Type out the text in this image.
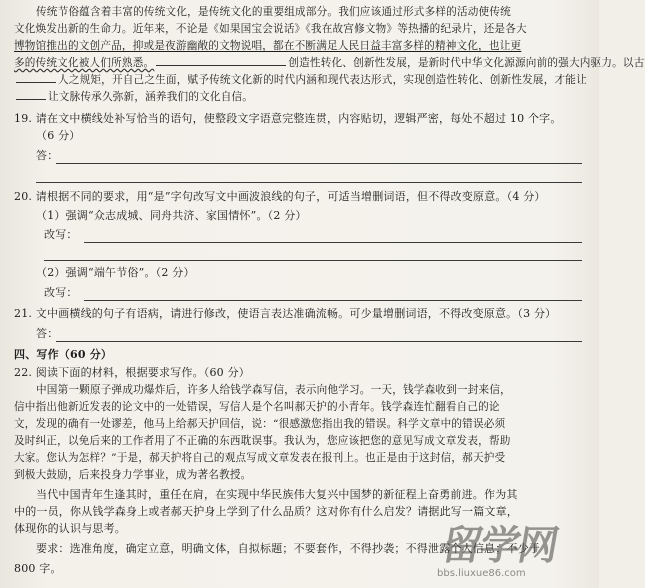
传统节俗蕴含着丰富的传统文化，是传统文化的重要组成部分。我们应该通过形式多样的活动使传统
文化焕发出新的生命力。近年来，不论是《如果国宝会说话》《我在故宫修文物》等热播的纪录片，还是各大
博物馆推出的文创产品，抑或是夜游幽敞的文物说唱，都在不断满足人民日益丰富多样的精神文化，也让更
多的传统文化被人们所熟悉。	创造性转化、创新性发展，是新时代中华文化源源向前的强大内驱力。以古
人之规矩，开自己之生面，赋予传统文化新的时代内涵和现代表达形式，实现创造性转化、创新性发展，才能让
让文脉传承久弥新，涵养我们的文化自信。
19. 请在文中横线处补写恰当的语句，使整段文字语意完整连贯，内容贴切，逻辑严密，每处不超过 10 个字。
（6 分）
答：
20. 请根据不同的要求，用“是”字句改写文中画波浪线的句子，可适当增删词语，但不得改变原意。（4 分）
（1）强调“众志成城、同舟共济、家国情怀”。（2 分）
改写：
（2）强调“端午节俗”。（2 分）
改写：
21. 文中画横线的句子有语病，请进行修改，使语言表达准确流畅。可少量增删词语，不得改变原意。（3 分）
答：
四、写作（60 分）
22. 阅读下面的材料，根据要求写作。（60 分）
中国第一颗原子弹成功爆炸后，许多人给钱学森写信，表示向他学习。一天，钱学森收到一封来信，
信中指出他新近发表的论文中的一处错误，写信人是个名叫郝天护的小青年。钱学森连忙翻看自己的论
文，发现的确有一处谬差，他马上给郝天护回信，说：“很感激您指出我的错误。科学文章中的错误必须
及时纠正，以免后来的工作者用了不正确的东西耽误事。我认为，您应该把您的意见写成文章发表，帮助
大家。您认为怎样？”于是，郝天护将自己的观点写成文章发表在报刊上。也正是由于这封信，郝天护受
到极大鼓励，后来投身力学事业，成为著名教授。
当代中国青年生逢其时，重任在肩，在实现中华民族伟大复兴中国梦的新征程上奋勇前进。作为其
中的一员，你从钱学森身上或者郝天护身上学到了什么品质？这对你有什么启发？请据此写一篇文章，
体现你的认识与思考。
要求：选准角度，确定立意，明确文体，自拟标题；不要套作，不得抄袭；不得泄露个人信息；不少于
800 字。	留学网
bbs.liuxue86.com
